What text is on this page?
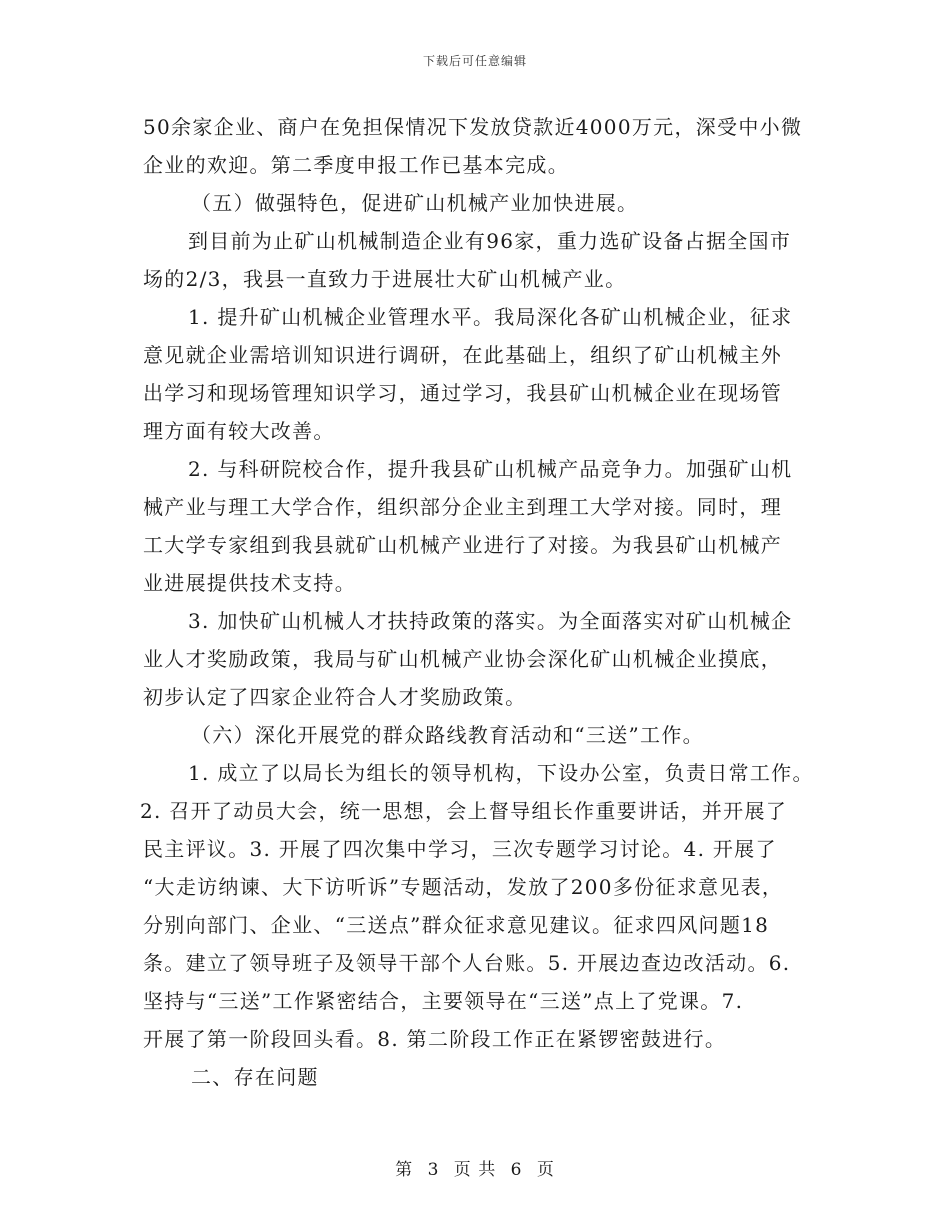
下载后可任意编辑
50余家企业、商户在免担保情况下发放贷款近4000万元，深受中小微
企业的欢迎。第二季度申报工作已基本完成。
（五）做强特色，促进矿山机械产业加快进展。
到目前为止矿山机械制造企业有96家，重力选矿设备占据全国市
场的2/3，我县一直致力于进展壮大矿山机械产业。
1. 提升矿山机械企业管理水平。我局深化各矿山机械企业，征求
意见就企业需培训知识进行调研，在此基础上，组织了矿山机械主外
出学习和现场管理知识学习，通过学习，我县矿山机械企业在现场管
理方面有较大改善。
2. 与科研院校合作，提升我县矿山机械产品竞争力。加强矿山机
械产业与理工大学合作，组织部分企业主到理工大学对接。同时，理
工大学专家组到我县就矿山机械产业进行了对接。为我县矿山机械产
业进展提供技术支持。
3. 加快矿山机械人才扶持政策的落实。为全面落实对矿山机械企
业人才奖励政策，我局与矿山机械产业协会深化矿山机械企业摸底，
初步认定了四家企业符合人才奖励政策。
（六）深化开展党的群众路线教育活动和“三送”工作。
1. 成立了以局长为组长的领导机构，下设办公室，负责日常工作。
2. 召开了动员大会，统一思想，会上督导组长作重要讲话，并开展了
民主评议。3. 开展了四次集中学习，三次专题学习讨论。4. 开展了
“大走访纳谏、大下访听诉”专题活动，发放了200多份征求意见表，
分别向部门、企业、“三送点”群众征求意见建议。征求四风问题18
条。建立了领导班子及领导干部个人台账。5. 开展边查边改活动。6.
坚持与“三送”工作紧密结合，主要领导在“三送”点上了党课。7.
开展了第一阶段回头看。8. 第二阶段工作正在紧锣密鼓进行。
二、存在问题
第 3 页 共 6 页
